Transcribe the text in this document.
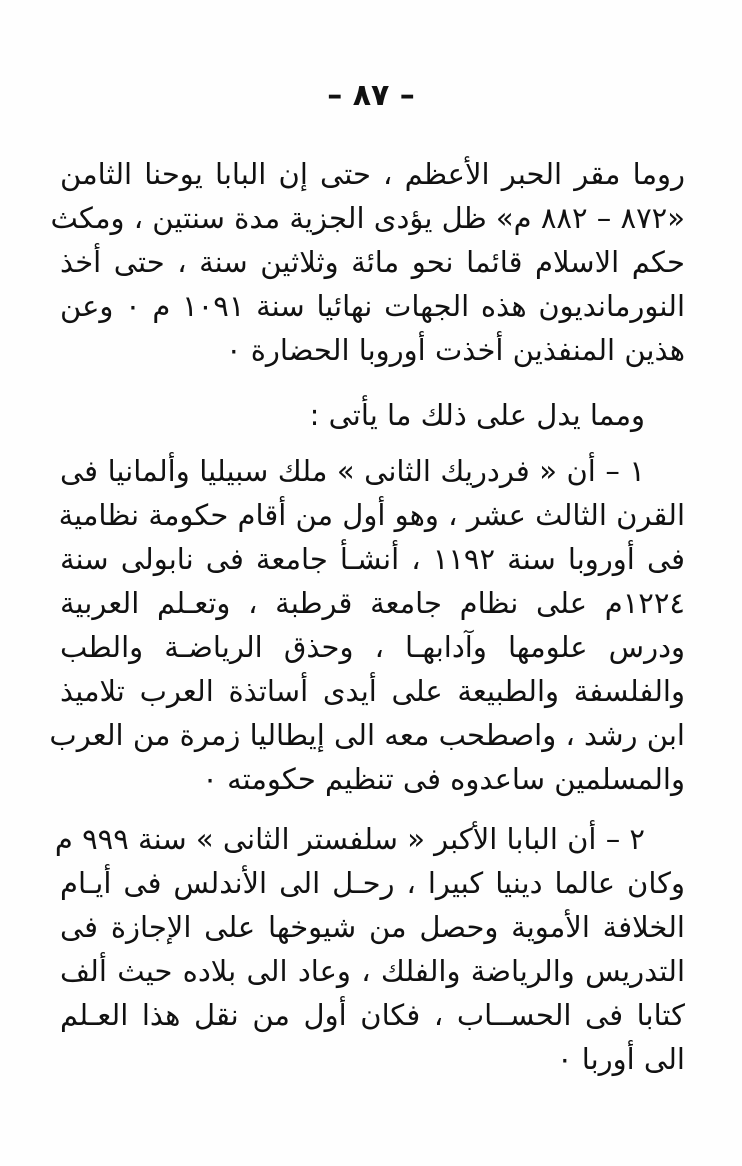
– ٨٧ –
روما مقر الحبر الأعظم ، حتى إن البابا يوحنا الثامن
«٨٧٢ – ٨٨٢ م» ظل يؤدى الجزية مدة سنتين ، ومكث
حكم الاسلام قائما نحو مائة وثلاثين سنة ، حتى أخذ
النورمانديون هذه الجهات نهائيا سنة ١٠٩١ م ٠ وعن
هذين المنفذين أخذت أوروبا الحضارة ٠
ومما يدل على ذلك ما يأتى :
١ – أن « فردريك الثانى » ملك سبيليا وألمانيا فى
القرن الثالث عشر ، وهو أول من أقام حكومة نظامية
فى أوروبا سنة ١١٩٢ ، أنشـأ جامعة فى نابولى سنة
١٢٢٤م على نظام جامعة قرطبة ، وتعـلم العربية
ودرس علومها وآدابهـا ، وحذق الرياضـة والطب
والفلسفة والطبيعة على أيدى أساتذة العرب تلاميذ
ابن رشد ، واصطحب معه الى إيطاليا زمرة من العرب
والمسلمين ساعدوه فى تنظيم حكومته ٠
٢ – أن البابا الأكبر « سلفستر الثانى » سنة ٩٩٩ م
وكان عالما دينيا كبيرا ، رحـل الى الأندلس فى أيـام
الخلافة الأموية وحصل من شيوخها على الإجازة فى
التدريس والرياضة والفلك ، وعاد الى بلاده حيث ألف
كتابا فى الحســاب ، فكان أول من نقل هذا العـلم
الى أوربا ٠
